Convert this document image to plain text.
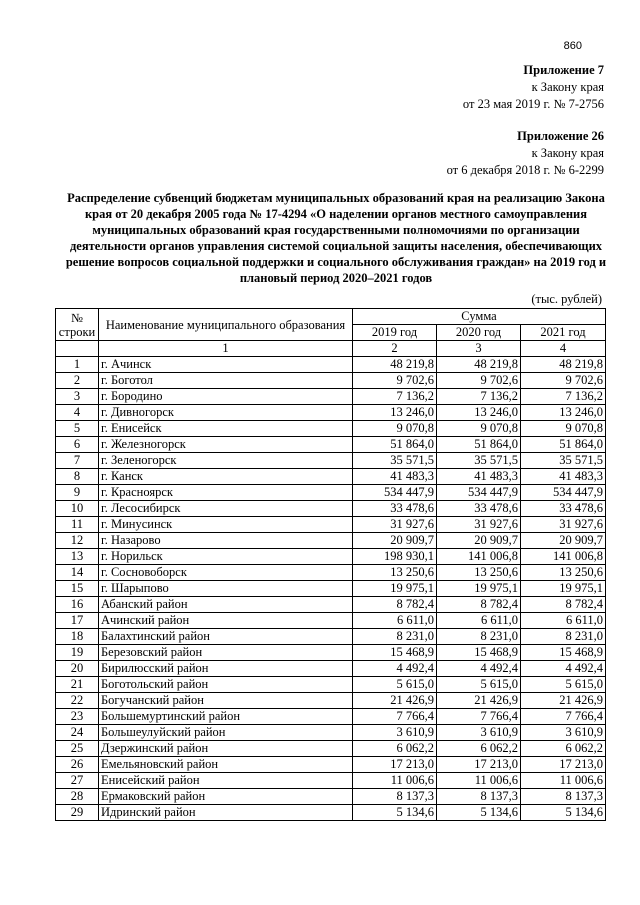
860
Приложение 7
к Закону края
от 23 мая 2019 г. № 7-2756
Приложение 26
к Закону края
от 6 декабря 2018 г. № 6-2299
Распределение субвенций бюджетам муниципальных образований края на реализацию Закона края от 20 декабря 2005 года № 17-4294 «О наделении органов местного самоуправления муниципальных образований края государственными полномочиями по организации деятельности органов управления системой социальной защиты населения, обеспечивающих решение вопросов социальной поддержки и социального обслуживания граждан» на 2019 год и плановый период 2020–2021 годов
(тыс. рублей)
№ строки	Наименование муниципального образования	Сумма		
		2019 год	2020 год	2021 год
	1	2	3	4
1	г. Ачинск	48 219,8	48 219,8	48 219,8
2	г. Боготол	9 702,6	9 702,6	9 702,6
3	г. Бородино	7 136,2	7 136,2	7 136,2
4	г. Дивногорск	13 246,0	13 246,0	13 246,0
5	г. Енисейск	9 070,8	9 070,8	9 070,8
6	г. Железногорск	51 864,0	51 864,0	51 864,0
7	г. Зеленогорск	35 571,5	35 571,5	35 571,5
8	г. Канск	41 483,3	41 483,3	41 483,3
9	г. Красноярск	534 447,9	534 447,9	534 447,9
10	г. Лесосибирск	33 478,6	33 478,6	33 478,6
11	г. Минусинск	31 927,6	31 927,6	31 927,6
12	г. Назарово	20 909,7	20 909,7	20 909,7
13	г. Норильск	198 930,1	141 006,8	141 006,8
14	г. Сосновоборск	13 250,6	13 250,6	13 250,6
15	г. Шарыпово	19 975,1	19 975,1	19 975,1
16	Абанский район	8 782,4	8 782,4	8 782,4
17	Ачинский район	6 611,0	6 611,0	6 611,0
18	Балахтинский район	8 231,0	8 231,0	8 231,0
19	Березовский район	15 468,9	15 468,9	15 468,9
20	Бирилюсский район	4 492,4	4 492,4	4 492,4
21	Боготольский район	5 615,0	5 615,0	5 615,0
22	Богучанский район	21 426,9	21 426,9	21 426,9
23	Большемуртинский район	7 766,4	7 766,4	7 766,4
24	Большеулуйский район	3 610,9	3 610,9	3 610,9
25	Дзержинский район	6 062,2	6 062,2	6 062,2
26	Емельяновский район	17 213,0	17 213,0	17 213,0
27	Енисейский район	11 006,6	11 006,6	11 006,6
28	Ермаковский район	8 137,3	8 137,3	8 137,3
29	Идринский район	5 134,6	5 134,6	5 134,6
